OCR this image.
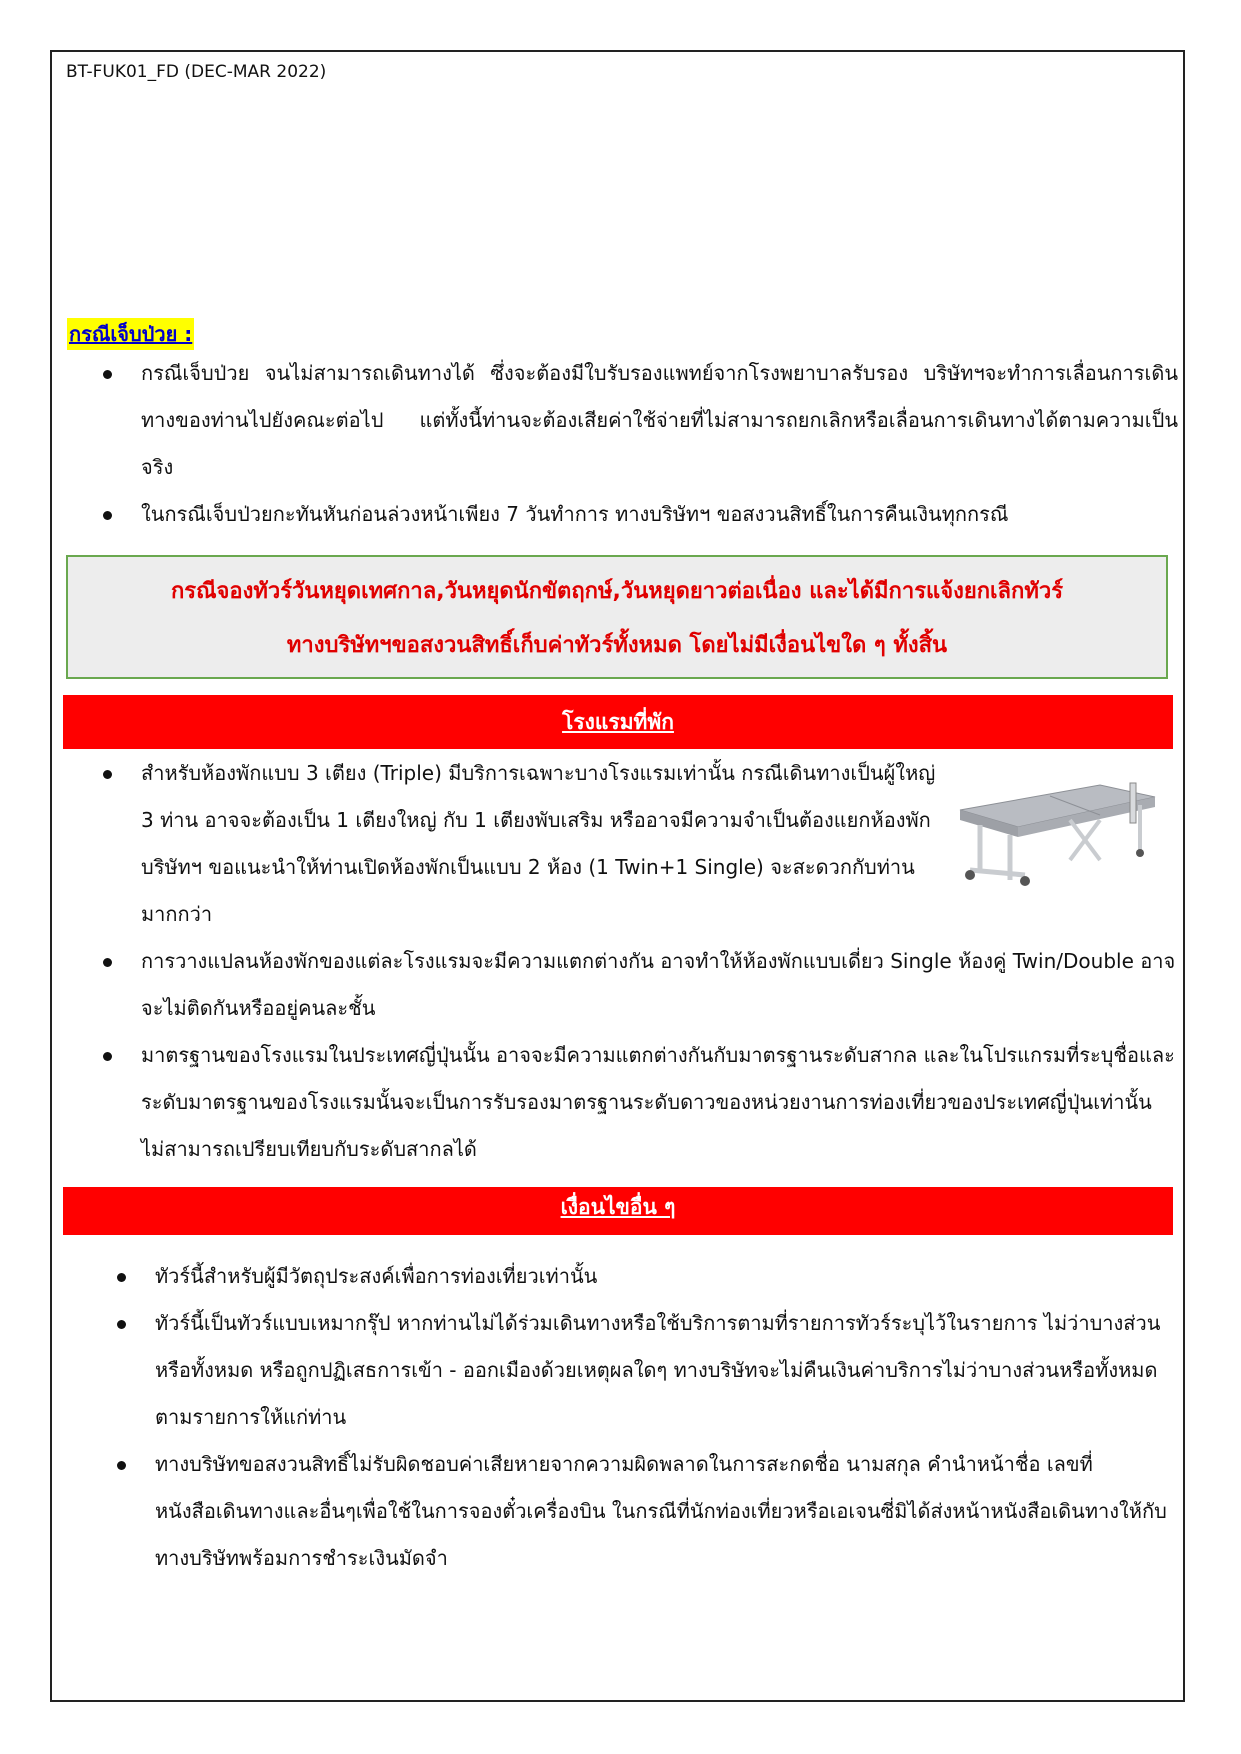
BT-FUK01_FD (DEC-MAR 2022)
กรณีเจ็บป่วย :
กรณีเจ็บป่วย จนไม่สามารถเดินทางได้ ซึ่งจะต้องมีใบรับรองแพทย์จากโรงพยาบาลรับรอง บริษัทฯจะทำการเลื่อนการเดินทางของท่านไปยังคณะต่อไป แต่ทั้งนี้ท่านจะต้องเสียค่าใช้จ่ายที่ไม่สามารถยกเลิกหรือเลื่อนการเดินทางได้ตามความเป็นจริง
ในกรณีเจ็บป่วยกะทันหันก่อนล่วงหน้าเพียง 7 วันทำการ ทางบริษัทฯ ขอสงวนสิทธิ์ในการคืนเงินทุกกรณี
กรณีจองทัวร์วันหยุดเทศกาล,วันหยุดนักขัตฤกษ์,วันหยุดยาวต่อเนื่อง และได้มีการแจ้งยกเลิกทัวร์
ทางบริษัทฯขอสงวนสิทธิ์เก็บค่าทัวร์ทั้งหมด โดยไม่มีเงื่อนไขใด ๆ ทั้งสิ้น
โรงแรมที่พัก
สำหรับห้องพักแบบ 3 เตียง (Triple) มีบริการเฉพาะบางโรงแรมเท่านั้น กรณีเดินทางเป็นผู้ใหญ่ 3 ท่าน อาจจะต้องเป็น 1 เตียงใหญ่ กับ 1 เตียงพับเสริม หรืออาจมีความจำเป็นต้องแยกห้องพัก บริษัทฯ ขอแนะนำให้ท่านเปิดห้องพักเป็นแบบ 2 ห้อง (1 Twin+1 Single) จะสะดวกกับท่านมากกว่า
การวางแปลนห้องพักของแต่ละโรงแรมจะมีความแตกต่างกัน อาจทำให้ห้องพักแบบเดี่ยว Single ห้องคู่ Twin/Double อาจจะไม่ติดกันหรืออยู่คนละชั้น
มาตรฐานของโรงแรมในประเทศญี่ปุ่นนั้น อาจจะมีความแตกต่างกันกับมาตรฐานระดับสากล และในโปรแกรมที่ระบุชื่อและระดับมาตรฐานของโรงแรมนั้นจะเป็นการรับรองมาตรฐานระดับดาวของหน่วยงานการท่องเที่ยวของประเทศญี่ปุ่นเท่านั้น ไม่สามารถเปรียบเทียบกับระดับสากลได้
เงื่อนไขอื่น ๆ
ทัวร์นี้สำหรับผู้มีวัตถุประสงค์เพื่อการท่องเที่ยวเท่านั้น
ทัวร์นี้เป็นทัวร์แบบเหมากรุ๊ป หากท่านไม่ได้ร่วมเดินทางหรือใช้บริการตามที่รายการทัวร์ระบุไว้ในรายการ ไม่ว่าบางส่วนหรือทั้งหมด หรือถูกปฏิเสธการเข้า - ออกเมืองด้วยเหตุผลใดๆ ทางบริษัทจะไม่คืนเงินค่าบริการไม่ว่าบางส่วนหรือทั้งหมดตามรายการให้แก่ท่าน
ทางบริษัทขอสงวนสิทธิ์ไม่รับผิดชอบค่าเสียหายจากความผิดพลาดในการสะกดชื่อ นามสกุล คำนำหน้าชื่อ เลขที่หนังสือเดินทางและอื่นๆเพื่อใช้ในการจองตั๋วเครื่องบิน ในกรณีที่นักท่องเที่ยวหรือเอเจนซี่มิได้ส่งหน้าหนังสือเดินทางให้กับทางบริษัทพร้อมการชำระเงินมัดจำ
